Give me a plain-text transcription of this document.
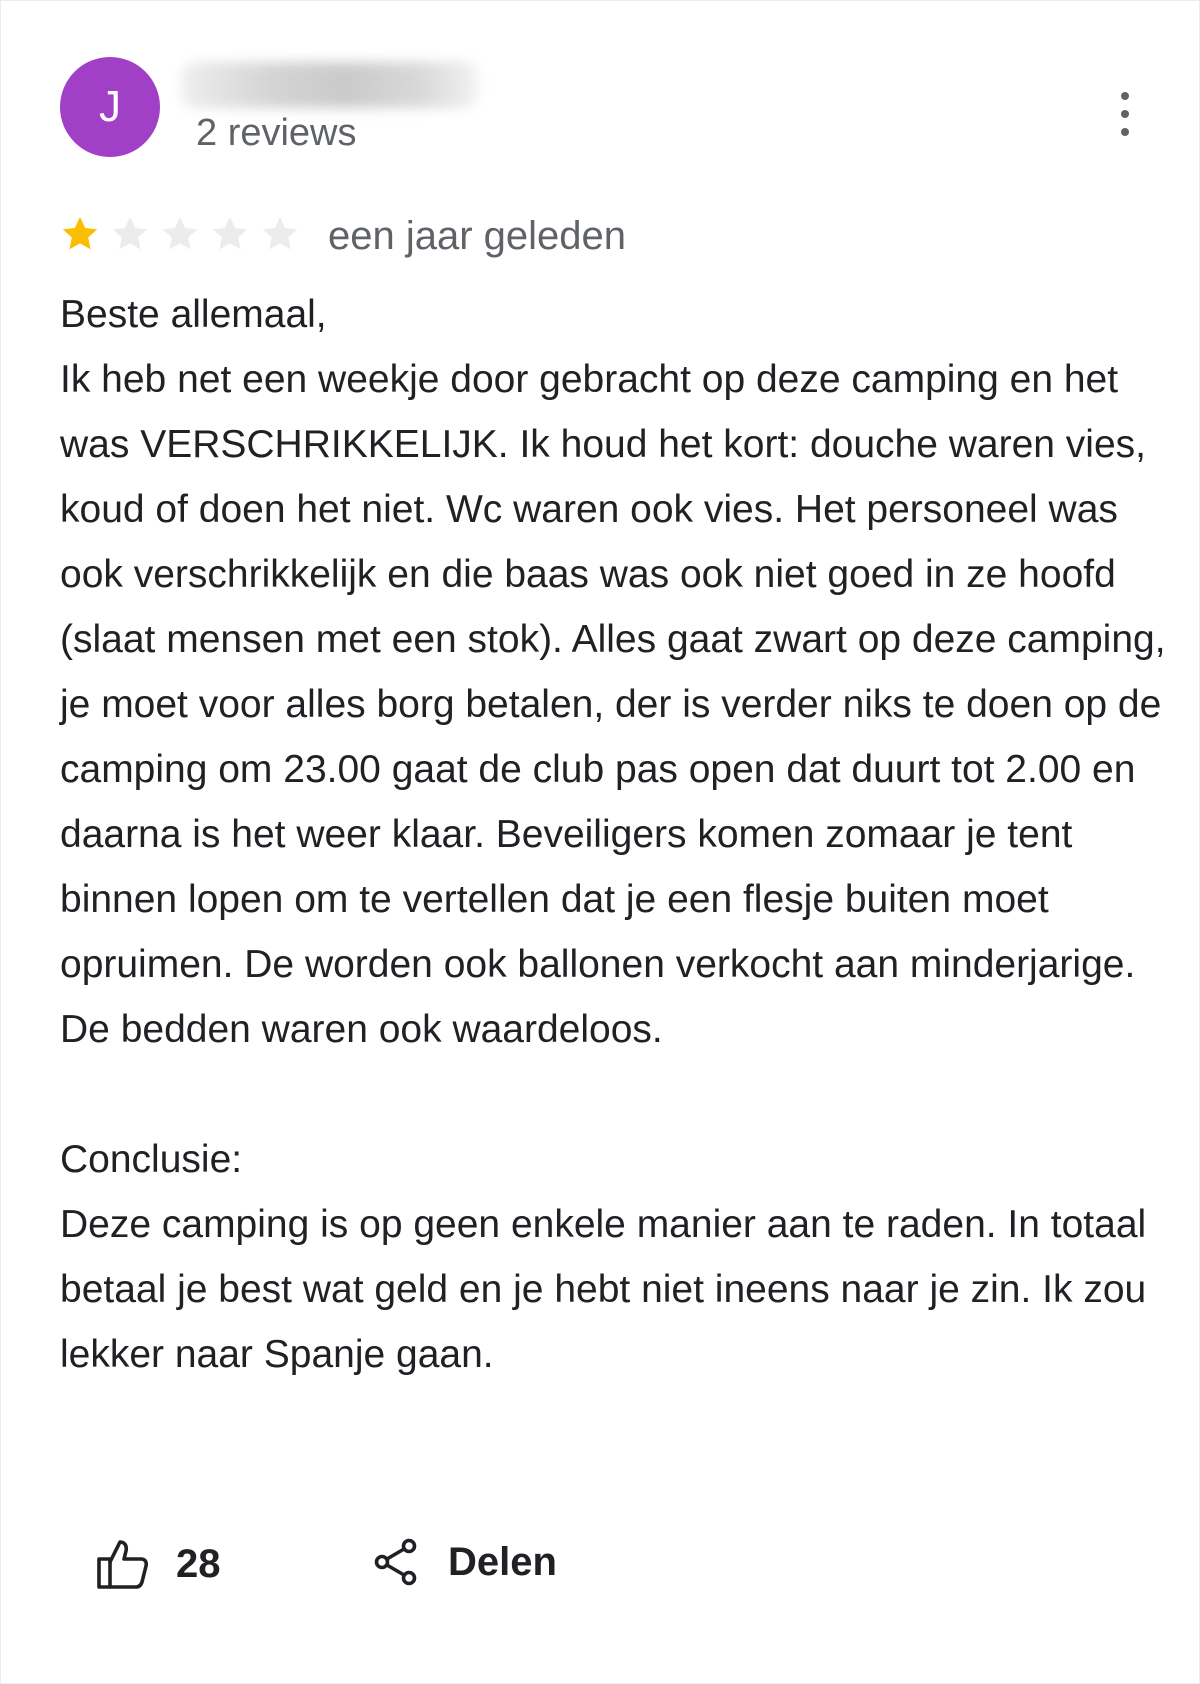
J
2 reviews
een jaar geleden

Beste allemaal,
Ik heb net een weekje door gebracht op deze camping en het was VERSCHRIKKELIJK. Ik houd het kort: douche waren vies, koud of doen het niet. Wc waren ook vies. Het personeel was ook verschrikkelijk en die baas was ook niet goed in ze hoofd (slaat mensen met een stok). Alles gaat zwart op deze camping, je moet voor alles borg betalen, der is verder niks te doen op de camping om 23.00 gaat de club pas open dat duurt tot 2.00 en daarna is het weer klaar. Beveiligers komen zomaar je tent binnen lopen om te vertellen dat je een flesje buiten moet opruimen. De worden ook ballonen verkocht aan minderjarige. De bedden waren ook waardeloos.

Conclusie:
Deze camping is op geen enkele manier aan te raden. In totaal betaal je best wat geld en je hebt niet ineens naar je zin. Ik zou lekker naar Spanje gaan.

28	Delen
